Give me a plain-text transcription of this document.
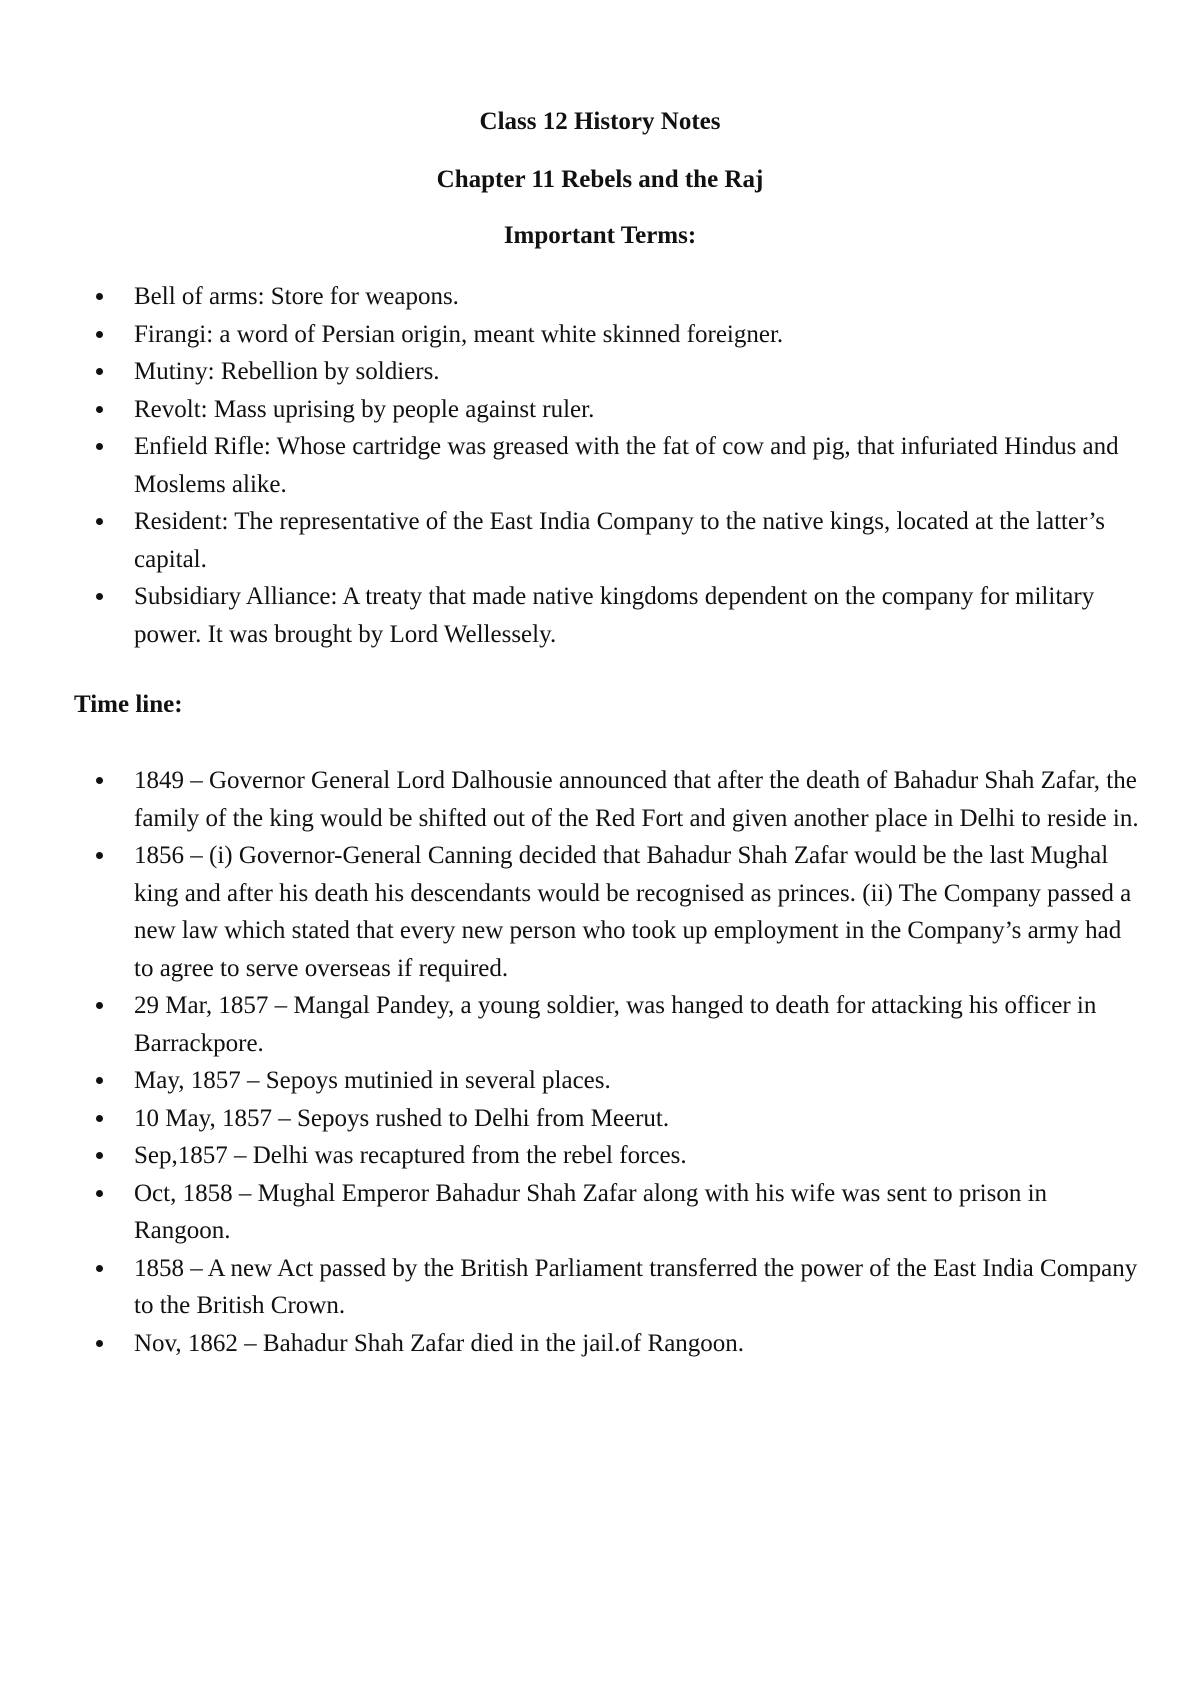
Class 12 History Notes
Chapter 11 Rebels and the Raj
Important Terms:
Bell of arms: Store for weapons.
Firangi: a word of Persian origin, meant white skinned foreigner.
Mutiny: Rebellion by soldiers.
Revolt: Mass uprising by people against ruler.
Enfield Rifle: Whose cartridge was greased with the fat of cow and pig, that infuriated Hindus and Moslems alike.
Resident: The representative of the East India Company to the native kings, located at the latter’s capital.
Subsidiary Alliance: A treaty that made native kingdoms dependent on the company for military power. It was brought by Lord Wellessely.
Time line:
1849 – Governor General Lord Dalhousie announced that after the death of Bahadur Shah Zafar, the family of the king would be shifted out of the Red Fort and given another place in Delhi to reside in.
1856 – (i) Governor-General Canning decided that Bahadur Shah Zafar would be the last Mughal king and after his death his descendants would be recognised as princes. (ii) The Company passed a new law which stated that every new person who took up employment in the Company’s army had to agree to serve overseas if required.
29 Mar, 1857 – Mangal Pandey, a young soldier, was hanged to death for attacking his officer in Barrackpore.
May, 1857 – Sepoys mutinied in several places.
10 May, 1857 – Sepoys rushed to Delhi from Meerut.
Sep,1857 – Delhi was recaptured from the rebel forces.
Oct, 1858 – Mughal Emperor Bahadur Shah Zafar along with his wife was sent to prison in Rangoon.
1858 – A new Act passed by the British Parliament transferred the power of the East India Company to the British Crown.
Nov, 1862 – Bahadur Shah Zafar died in the jail.of Rangoon.
